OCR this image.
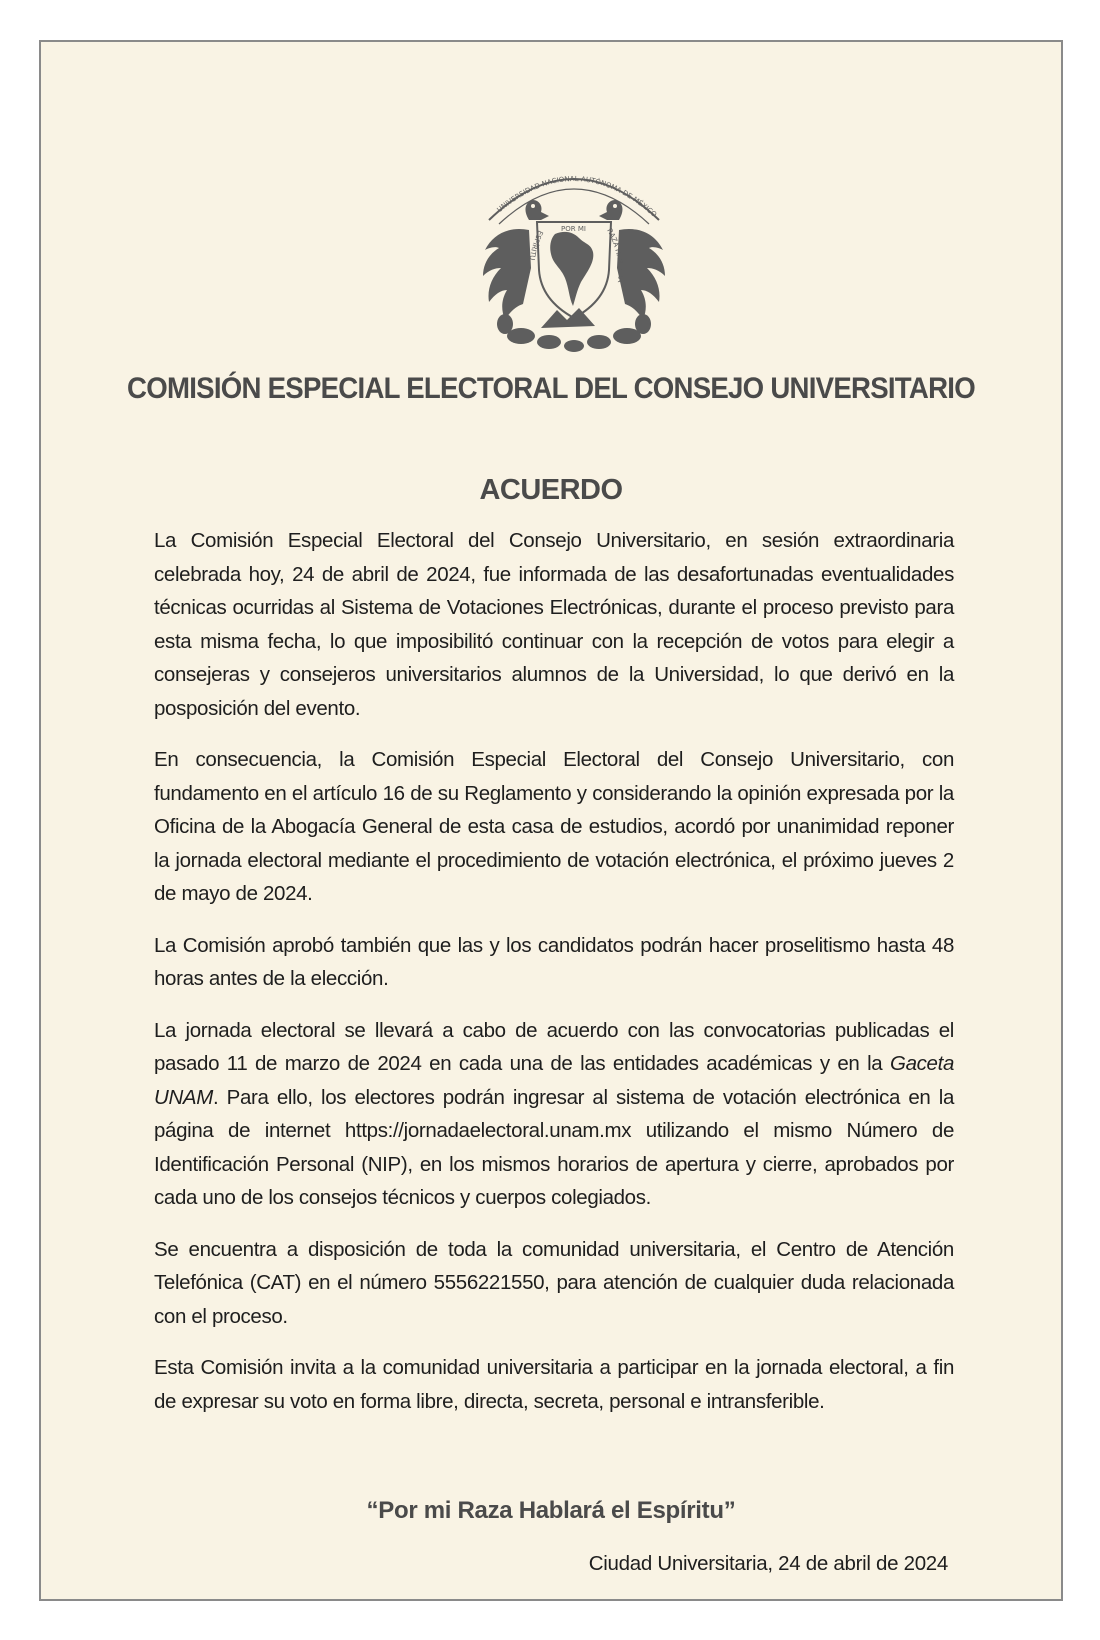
UNIVERSIDAD NACIONAL AUTÓNOMA DE MÉXICO
ESPÍRITU
RAZA HABLARÁ
POR MI
COMISIÓN ESPECIAL ELECTORAL DEL CONSEJO UNIVERSITARIO
ACUERDO

La Comisión Especial Electoral del Consejo Universitario, en sesión extraordinaria celebrada hoy, 24 de abril de 2024, fue informada de las desafortunadas eventualidades técnicas ocurridas al Sistema de Votaciones Electrónicas, durante el proceso previsto para esta misma fecha, lo que imposibilitó continuar con la recepción de votos para elegir a consejeras y consejeros universitarios alumnos de la Universidad, lo que derivó en la posposición del evento.

En consecuencia, la Comisión Especial Electoral del Consejo Universitario, con fundamento en el artículo 16 de su Reglamento y considerando la opinión expresada por la Oficina de la Abogacía General de esta casa de estudios, acordó por unanimidad reponer la jornada electoral mediante el procedimiento de votación electrónica, el próximo jueves 2 de mayo de 2024.

La Comisión aprobó también que las y los candidatos podrán hacer proselitismo hasta 48 horas antes de la elección.

La jornada electoral se llevará a cabo de acuerdo con las convocatorias publicadas el pasado 11 de marzo de 2024 en cada una de las entidades académicas y en la Gaceta UNAM. Para ello, los electores podrán ingresar al sistema de votación electrónica en la página de internet https://jornadaelectoral.unam.mx utilizando el mismo Número de Identificación Personal (NIP), en los mismos horarios de apertura y cierre, aprobados por cada uno de los consejos técnicos y cuerpos colegiados.

Se encuentra a disposición de toda la comunidad universitaria, el Centro de Atención Telefónica (CAT) en el número 5556221550, para atención de cualquier duda relacionada con el proceso.

Esta Comisión invita a la comunidad universitaria a participar en la jornada electoral, a fin de expresar su voto en forma libre, directa, secreta, personal e intransferible.

“Por mi Raza Hablará el Espíritu”
Ciudad Universitaria, 24 de abril de 2024
